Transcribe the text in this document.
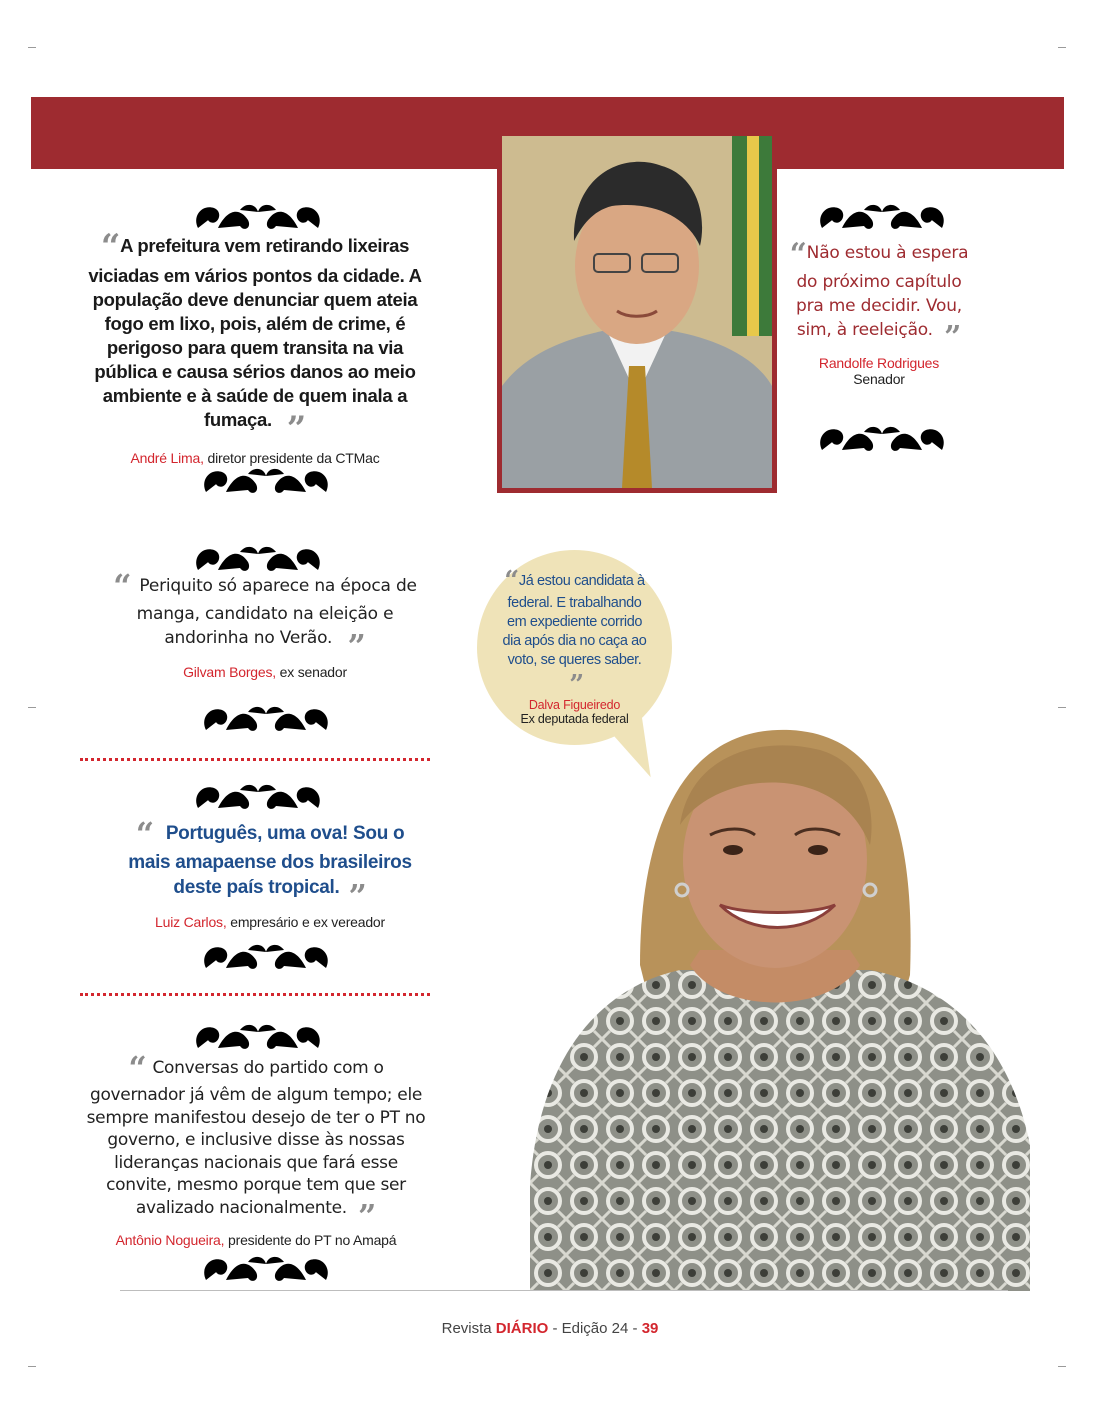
“A prefeitura vem retirando lixeiras viciadas em vários pontos da cidade. A população deve denunciar quem ateia fogo em lixo, pois, além de crime, é perigoso para quem transita na via pública e causa sérios danos ao meio ambiente e à saúde de quem inala a fumaça. ”
André Lima, diretor presidente da CTMac
“Não estou à espera do próximo capítulo pra me decidir. Vou, sim, à reeleição. ”
Randolfe Rodrigues
Senador
“ Periquito só aparece na época de manga, candidato na eleição e andorinha no Verão. ”
Gilvam Borges, ex senador
“ Português, uma ova! Sou o mais amapaense dos brasileiros deste país tropical. ”
Luiz Carlos, empresário e ex vereador
“ Conversas do partido com o governador já vêm de algum tempo; ele sempre manifestou desejo de ter o PT no governo, e inclusive disse às nossas lideranças nacionais que fará esse convite, mesmo porque tem que ser avalizado nacionalmente. ”
Antônio Nogueira, presidente do PT no Amapá
“Já estou candidata à federal. E trabalhando em expediente corrido dia após dia no caça ao voto, se queres saber. ”
Dalva Figueiredo
Ex deputada federal
Revista DIÁRIO - Edição 24 - 39
